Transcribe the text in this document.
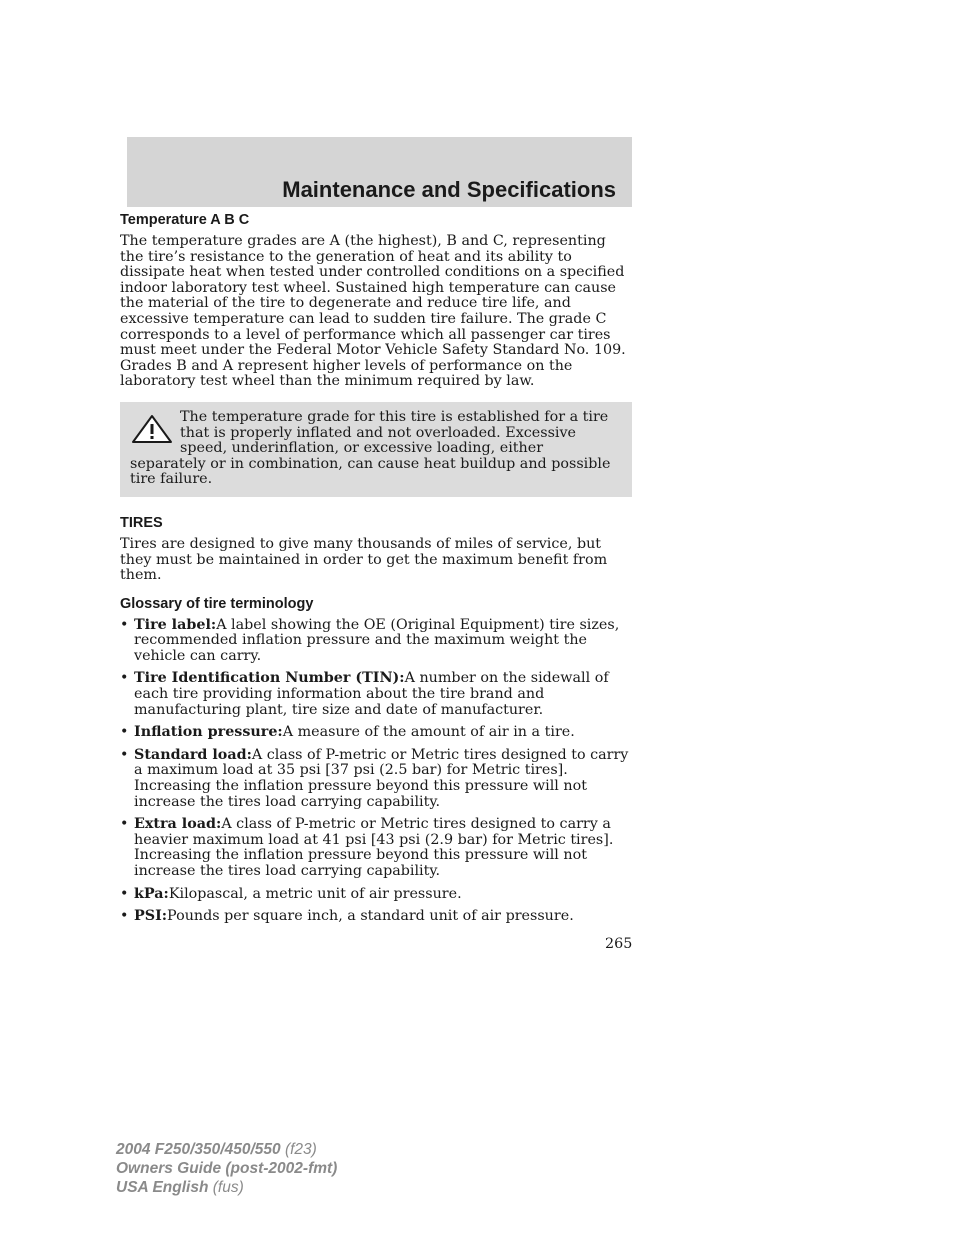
Maintenance and Specifications
Temperature A B C

The temperature grades are A (the highest), B and C, representing the tire’s resistance to the generation of heat and its ability to dissipate heat when tested under controlled conditions on a specified indoor laboratory test wheel. Sustained high temperature can cause the material of the tire to degenerate and reduce tire life, and excessive temperature can lead to sudden tire failure. The grade C corresponds to a level of performance which all passenger car tires must meet under the Federal Motor Vehicle Safety Standard No. 109. Grades B and A represent higher levels of performance on the laboratory test wheel than the minimum required by law.

The temperature grade for this tire is established for a tire that is properly inflated and not overloaded. Excessive speed, underinflation, or excessive loading, either separately or in combination, can cause heat buildup and possible tire failure.
TIRES

Tires are designed to give many thousands of miles of service, but they must be maintained in order to get the maximum benefit from them.

Glossary of tire terminology
• Tire label:A label showing the OE (Original Equipment) tire sizes, recommended inflation pressure and the maximum weight the vehicle can carry.
• Tire Identification Number (TIN):A number on the sidewall of each tire providing information about the tire brand and manufacturing plant, tire size and date of manufacturer.
• Inflation pressure:A measure of the amount of air in a tire.
• Standard load:A class of P-metric or Metric tires designed to carry a maximum load at 35 psi [37 psi (2.5 bar) for Metric tires]. Increasing the inflation pressure beyond this pressure will not increase the tires load carrying capability.
• Extra load:A class of P-metric or Metric tires designed to carry a heavier maximum load at 41 psi [43 psi (2.9 bar) for Metric tires]. Increasing the inflation pressure beyond this pressure will not increase the tires load carrying capability.
• kPa:Kilopascal, a metric unit of air pressure.
• PSI:Pounds per square inch, a standard unit of air pressure.
265
2004 F250/350/450/550 (f23)
Owners Guide (post-2002-fmt)
USA English (fus)
